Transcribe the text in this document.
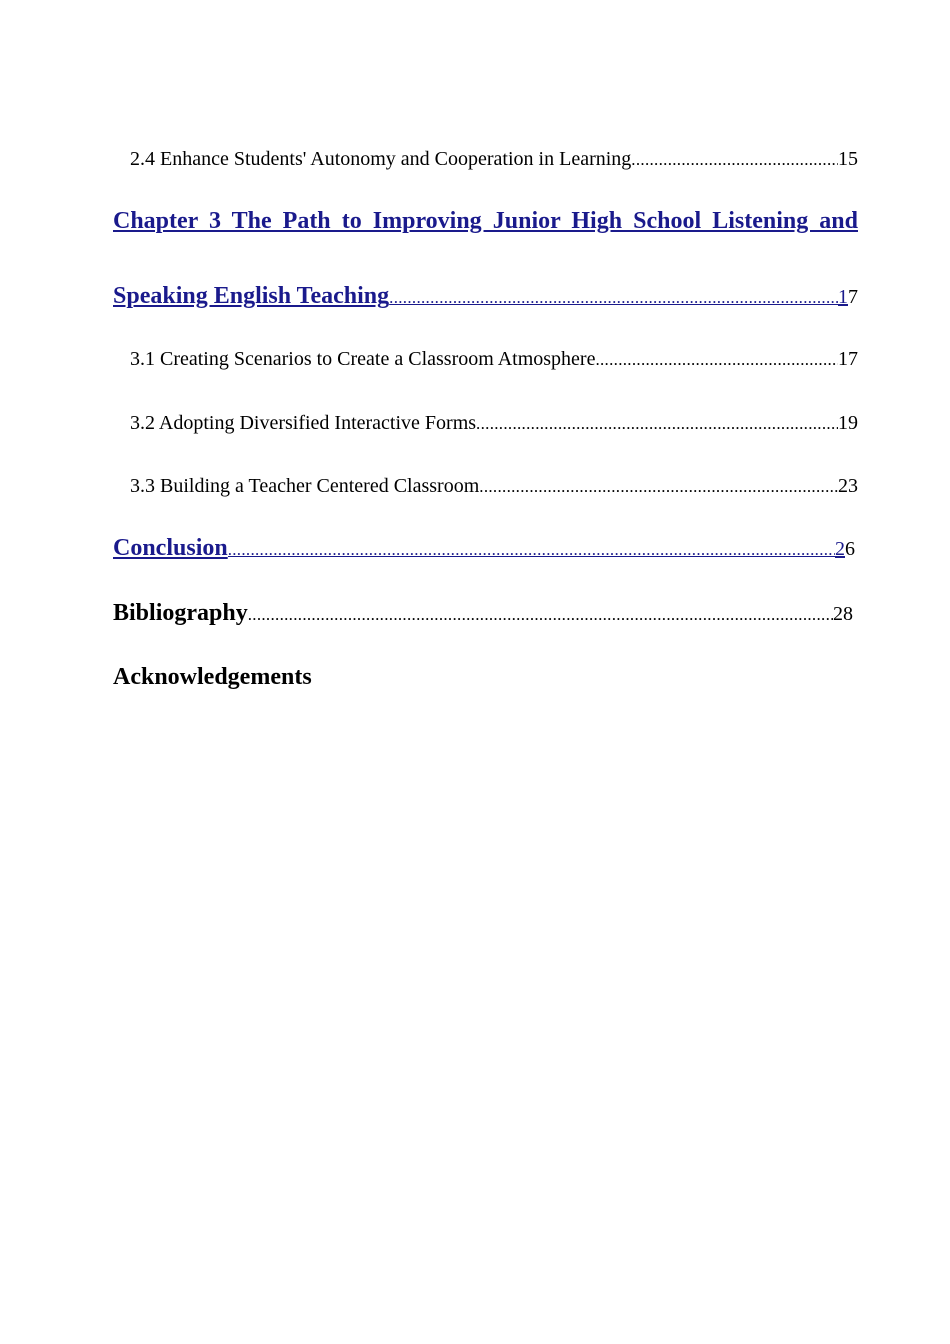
2.4 Enhance Students' Autonomy and Cooperation in Learning .....	15
Chapter 3 The Path to Improving Junior High School Listening and
Speaking English Teaching .....	17
3.1 Creating Scenarios to Create a Classroom Atmosphere .....	17
3.2 Adopting Diversified Interactive Forms .....	19
3.3 Building a Teacher Centered Classroom .....	23
Conclusion .....	26
Bibliography .....	28
Acknowledgements
